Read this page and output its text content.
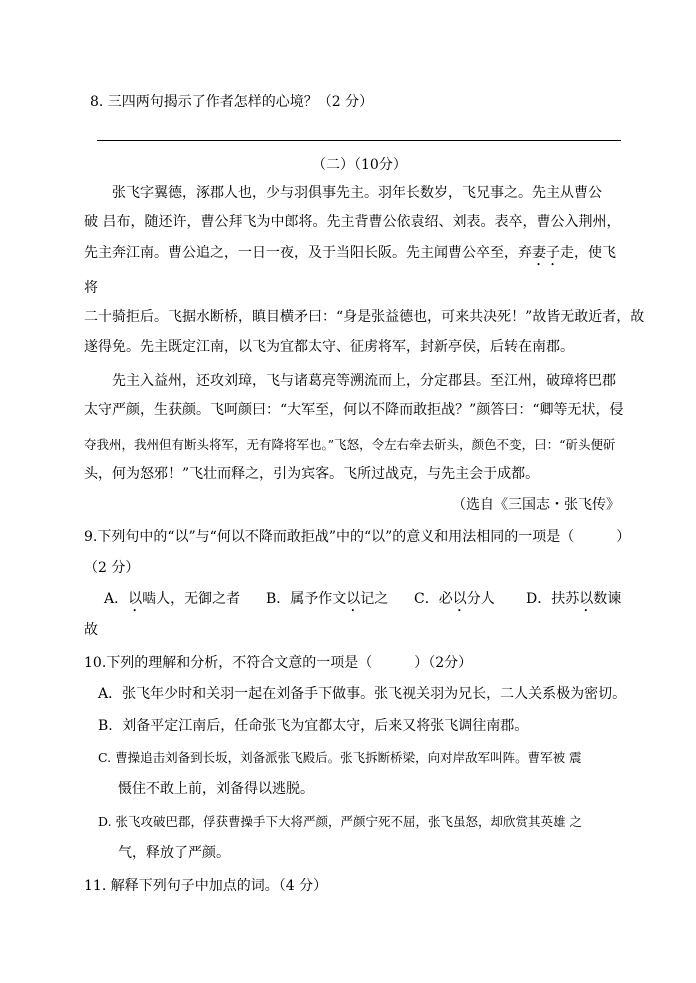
8. 三四两句揭示了作者怎样的心境？（2 分）
（二）（10分）
张飞字翼德，涿郡人也，少与羽俱事先主。羽年长数岁，飞兄事之。先主从曹公
破 吕布，随还许，曹公拜飞为中郎将。先主背曹公依袁绍、刘表。表卒，曹公入荆州，
先主奔江南。曹公追之，一日一夜，及于当阳长阪。先主闻曹公卒至，弃妻子走，使飞
将
二十骑拒后。飞据水断桥，瞋目横矛曰：“身是张益德也，可来共决死！”故皆无敢近者，故
遂得免。先主既定江南，以飞为宜都太守、征虏将军，封新亭侯，后转在南郡。
先主入益州，还攻刘璋，飞与诸葛亮等溯流而上，分定郡县。至江州，破璋将巴郡
太守严颜，生获颜。飞呵颜曰：“大军至，何以不降而敢拒战？”颜答曰：“卿等无状，侵
夺我州，我州但有断头将军，无有降将军也。”飞怒，令左右牵去斫头，颜色不变，曰：“斫头便斫
头，何为怒邪！”飞壮而释之，引为宾客。飞所过战克，与先主会于成都。
（选自《三国志・张飞传》
9.下列句中的“以”与“何以不降而敢拒战”中的“以”的意义和用法相同的一项是（　　　）
（2 分）
A．以啮人，无御之者 B．属予作文以记之 C．必以分人 D．扶苏以数谏
故
10.下列的理解和分析，不符合文意的一项是（　　　）（2分）
A．张飞年少时和关羽一起在刘备手下做事。张飞视关羽为兄长，二人关系极为密切。
B．刘备平定江南后，任命张飞为宜都太守，后来又将张飞调往南郡。
C. 曹操追击刘备到长坂，刘备派张飞殿后。张飞拆断桥梁，向对岸敌军叫阵。曹军被 震
慑住不敢上前，刘备得以逃脱。
D. 张飞攻破巴郡，俘获曹操手下大将严颜，严颜宁死不屈，张飞虽怒，却欣赏其英雄 之
气，释放了严颜。
11. 解释下列句子中加点的词。（4 分）
